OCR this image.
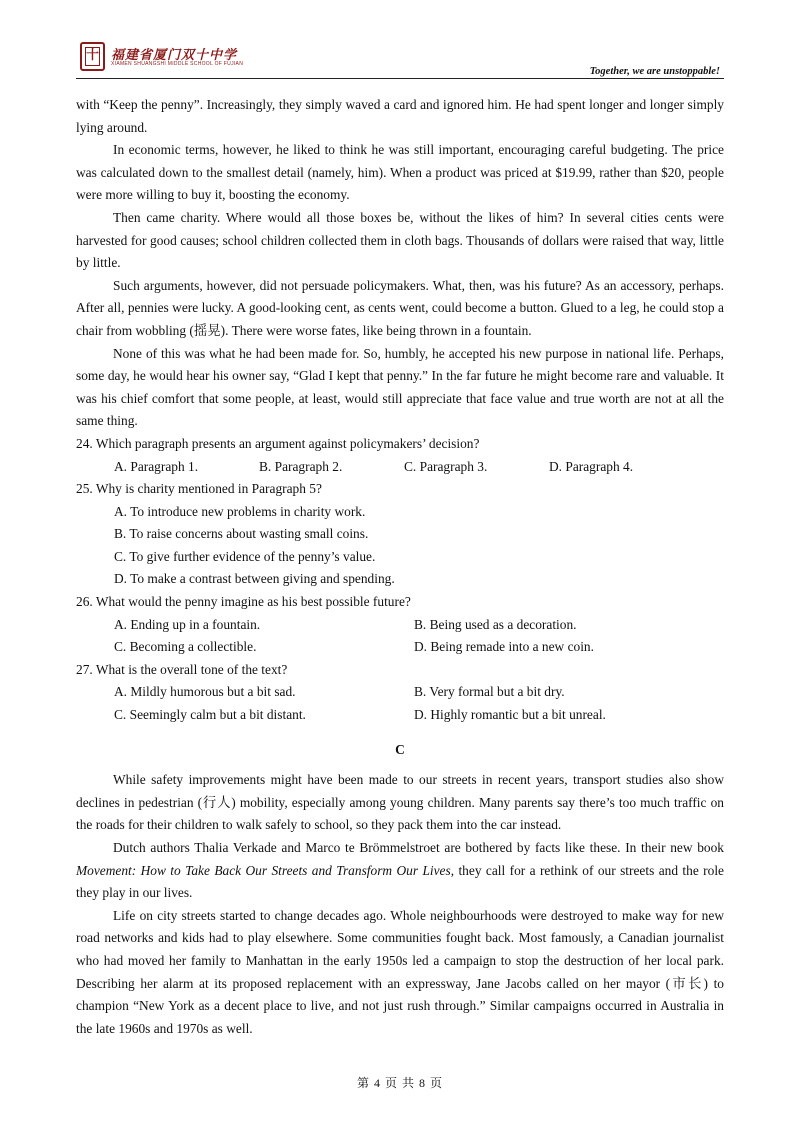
十 福建省厦门双十中学
XIAMEN SHUANGSHI MIDDLE SCHOOL OF FUJIAN
Together, we are unstoppable!

with “Keep the penny”. Increasingly, they simply waved a card and ignored him. He had spent longer and longer simply lying around.

In economic terms, however, he liked to think he was still important, encouraging careful budgeting. The price was calculated down to the smallest detail (namely, him). When a product was priced at $19.99, rather than $20, people were more willing to buy it, boosting the economy.

Then came charity. Where would all those boxes be, without the likes of him? In several cities cents were harvested for good causes; school children collected them in cloth bags. Thousands of dollars were raised that way, little by little.

Such arguments, however, did not persuade policymakers. What, then, was his future? As an accessory, perhaps. After all, pennies were lucky. A good-looking cent, as cents went, could become a button. Glued to a leg, he could stop a chair from wobbling (摇晃). There were worse fates, like being thrown in a fountain.

None of this was what he had been made for. So, humbly, he accepted his new purpose in national life. Perhaps, some day, he would hear his owner say, “Glad I kept that penny.” In the far future he might become rare and valuable. It was his chief comfort that some people, at least, would still appreciate that face value and true worth are not at all the same thing.

24. Which paragraph presents an argument against policymakers’ decision?
A. Paragraph 1.	B. Paragraph 2.	C. Paragraph 3.	D. Paragraph 4.
25. Why is charity mentioned in Paragraph 5?
A. To introduce new problems in charity work.
B. To raise concerns about wasting small coins.
C. To give further evidence of the penny’s value.
D. To make a contrast between giving and spending.
26. What would the penny imagine as his best possible future?
A. Ending up in a fountain.	B. Being used as a decoration.
C. Becoming a collectible.	D. Being remade into a new coin.
27. What is the overall tone of the text?
A. Mildly humorous but a bit sad.	B. Very formal but a bit dry.
C. Seemingly calm but a bit distant.	D. Highly romantic but a bit unreal.
C

While safety improvements might have been made to our streets in recent years, transport studies also show declines in pedestrian (行人) mobility, especially among young children. Many parents say there’s too much traffic on the roads for their children to walk safely to school, so they pack them into the car instead.

Dutch authors Thalia Verkade and Marco te Brömmelstroet are bothered by facts like these. In their new book Movement: How to Take Back Our Streets and Transform Our Lives, they call for a rethink of our streets and the role they play in our lives.

Life on city streets started to change decades ago. Whole neighbourhoods were destroyed to make way for new road networks and kids had to play elsewhere. Some communities fought back. Most famously, a Canadian journalist who had moved her family to Manhattan in the early 1950s led a campaign to stop the destruction of her local park. Describing her alarm at its proposed replacement with an expressway, Jane Jacobs called on her mayor (市长) to champion “New York as a decent place to live, and not just rush through.” Similar campaigns occurred in Australia in the late 1960s and 1970s as well.

第 4 页 共 8 页
